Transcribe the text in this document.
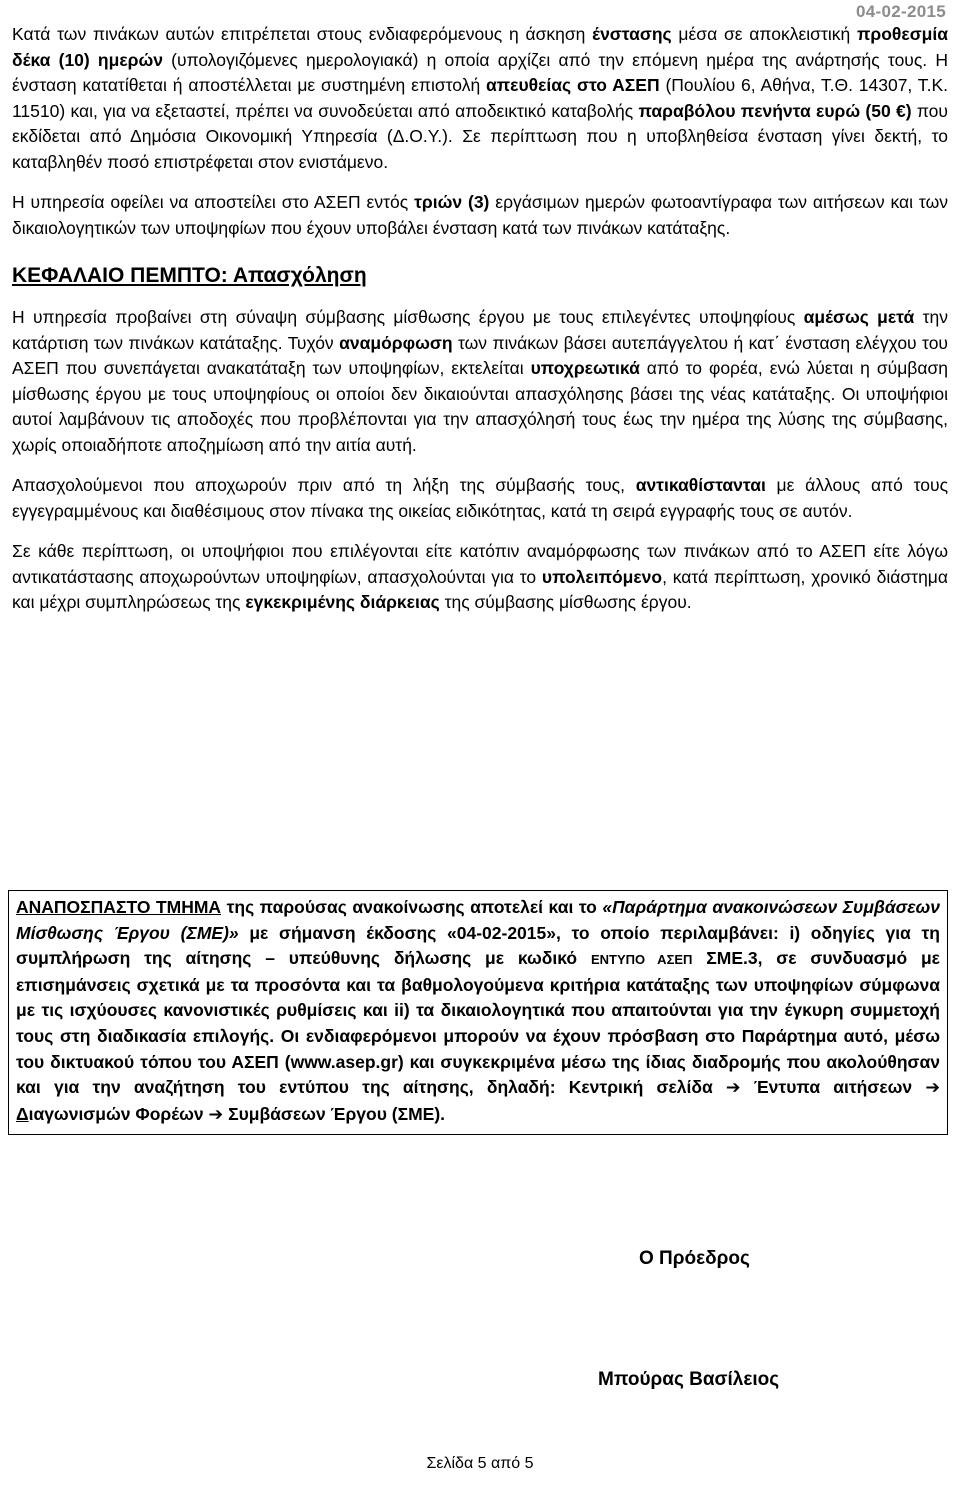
04-02-2015

Κατά των πινάκων αυτών επιτρέπεται στους ενδιαφερόμενους η άσκηση ένστασης μέσα σε αποκλειστική προθεσμία δέκα (10) ημερών (υπολογιζόμενες ημερολογιακά) η οποία αρχίζει από την επόμενη ημέρα της ανάρτησής τους. Η ένσταση κατατίθεται ή αποστέλλεται με συστημένη επιστολή απευθείας στο ΑΣΕΠ (Πουλίου 6, Αθήνα, Τ.Θ. 14307, Τ.Κ. 11510) και, για να εξεταστεί, πρέπει να συνοδεύεται από αποδεικτικό καταβολής παραβόλου πενήντα ευρώ (50 €) που εκδίδεται από Δημόσια Οικονομική Υπηρεσία (Δ.Ο.Υ.). Σε περίπτωση που η υποβληθείσα ένσταση γίνει δεκτή, το καταβληθέν ποσό επιστρέφεται στον ενιστάμενο.

Η υπηρεσία οφείλει να αποστείλει στο ΑΣΕΠ εντός τριών (3) εργάσιμων ημερών φωτοαντίγραφα των αιτήσεων και των δικαιολογητικών των υποψηφίων που έχουν υποβάλει ένσταση κατά των πινάκων κατάταξης.

ΚΕΦΑΛΑΙΟ ΠΕΜΠΤΟ: Απασχόληση

Η υπηρεσία προβαίνει στη σύναψη σύμβασης μίσθωσης έργου με τους επιλεγέντες υποψηφίους αμέσως μετά την κατάρτιση των πινάκων κατάταξης. Τυχόν αναμόρφωση των πινάκων βάσει αυτεπάγγελτου ή κατ΄ ένσταση ελέγχου του ΑΣΕΠ που συνεπάγεται ανακατάταξη των υποψηφίων, εκτελείται υποχρεωτικά από το φορέα, ενώ λύεται η σύμβαση μίσθωσης έργου με τους υποψηφίους οι οποίοι δεν δικαιούνται απασχόλησης βάσει της νέας κατάταξης. Οι υποψήφιοι αυτοί λαμβάνουν τις αποδοχές που προβλέπονται για την απασχόλησή τους έως την ημέρα της λύσης της σύμβασης, χωρίς οποιαδήποτε αποζημίωση από την αιτία αυτή.

Απασχολούμενοι που αποχωρούν πριν από τη λήξη της σύμβασής τους, αντικαθίστανται με άλλους από τους εγγεγραμμένους και διαθέσιμους στον πίνακα της οικείας ειδικότητας, κατά τη σειρά εγγραφής τους σε αυτόν.

Σε κάθε περίπτωση, οι υποψήφιοι που επιλέγονται είτε κατόπιν αναμόρφωσης των πινάκων από το ΑΣΕΠ είτε λόγω αντικατάστασης αποχωρούντων υποψηφίων, απασχολούνται για το υπολειπόμενο, κατά περίπτωση, χρονικό διάστημα και μέχρι συμπληρώσεως της εγκεκριμένης διάρκειας της σύμβασης μίσθωσης έργου.

ΑΝΑΠΟΣΠΑΣΤΟ ΤΜΗΜΑ της παρούσας ανακοίνωσης αποτελεί και το «Παράρτημα ανακοινώσεων Συμβάσεων Μίσθωσης Έργου (ΣΜΕ)» με σήμανση έκδοσης «04-02-2015», το οποίο περιλαμβάνει: i) οδηγίες για τη συμπλήρωση της αίτησης – υπεύθυνης δήλωσης με κωδικό ΕΝΤΥΠΟ ΑΣΕΠ ΣΜΕ.3, σε συνδυασμό με επισημάνσεις σχετικά με τα προσόντα και τα βαθμολογούμενα κριτήρια κατάταξης των υποψηφίων σύμφωνα με τις ισχύουσες κανονιστικές ρυθμίσεις και ii) τα δικαιολογητικά που απαιτούνται για την έγκυρη συμμετοχή τους στη διαδικασία επιλογής. Οι ενδιαφερόμενοι μπορούν να έχουν πρόσβαση στο Παράρτημα αυτό, μέσω του δικτυακού τόπου του ΑΣΕΠ (www.asep.gr) και συγκεκριμένα μέσω της ίδιας διαδρομής που ακολούθησαν και για την αναζήτηση του εντύπου της αίτησης, δηλαδή: Κεντρική σελίδα ➔ Έντυπα αιτήσεων ➔ Διαγωνισμών Φορέων ➔ Συμβάσεων Έργου (ΣΜΕ).
Ο Πρόεδρος
Μπούρας Βασίλειος
Σελίδα 5 από 5
